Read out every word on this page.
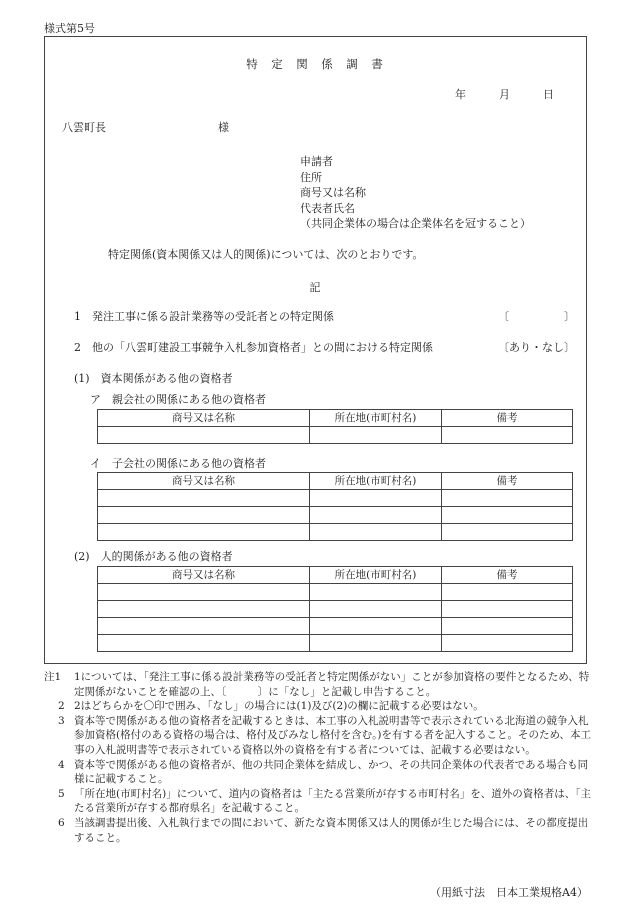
様式第5号
特　定　関　係　調　書
年　　　月　　　日
八雲町長	様
申請者
住所
商号又は名称
代表者氏名
（共同企業体の場合は企業体名を冠すること）
特定関係(資本関係又は人的関係)については、次のとおりです。
記
1　発注工事に係る設計業務等の受託者との特定関係	〔　　　　　〕
2　他の「八雲町建設工事競争入札参加資格者」との間における特定関係	〔あり・なし〕
(1)　資本関係がある他の資格者
ア　親会社の関係にある他の資格者
商号又は名称	所在地(市町村名)	備考

イ　子会社の関係にある他の資格者
商号又は名称	所在地(市町村名)	備考

(2)　人的関係がある他の資格者
商号又は名称	所在地(市町村名)	備考

注1	1については、「発注工事に係る設計業務等の受託者と特定関係がない」ことが参加資格の要件となるため、特定関係がないことを確認の上、〔　　　〕に「なし」と記載し申告すること。
2 2はどちらかを〇印で囲み、「なし」の場合には(1)及び(2)の欄に記載する必要はない。
3 資本等で関係がある他の資格者を記載するときは、本工事の入札説明書等で表示されている北海道の競争入札参加資格(格付のある資格の場合は、格付及びみなし格付を含む。)を有する者を記入すること。そのため、本工事の入札説明書等で表示されている資格以外の資格を有する者については、記載する必要はない。
4 資本等で関係がある他の資格者が、他の共同企業体を結成し、かつ、その共同企業体の代表者である場合も同様に記載すること。
5 「所在地(市町村名)」について、道内の資格者は「主たる営業所が存する市町村名」を、道外の資格者は、「主たる営業所が存する都府県名」を記載すること。
6 当該調書提出後、入札執行までの間において、新たな資本関係又は人的関係が生じた場合には、その都度提出すること。
（用紙寸法　日本工業規格A4）
